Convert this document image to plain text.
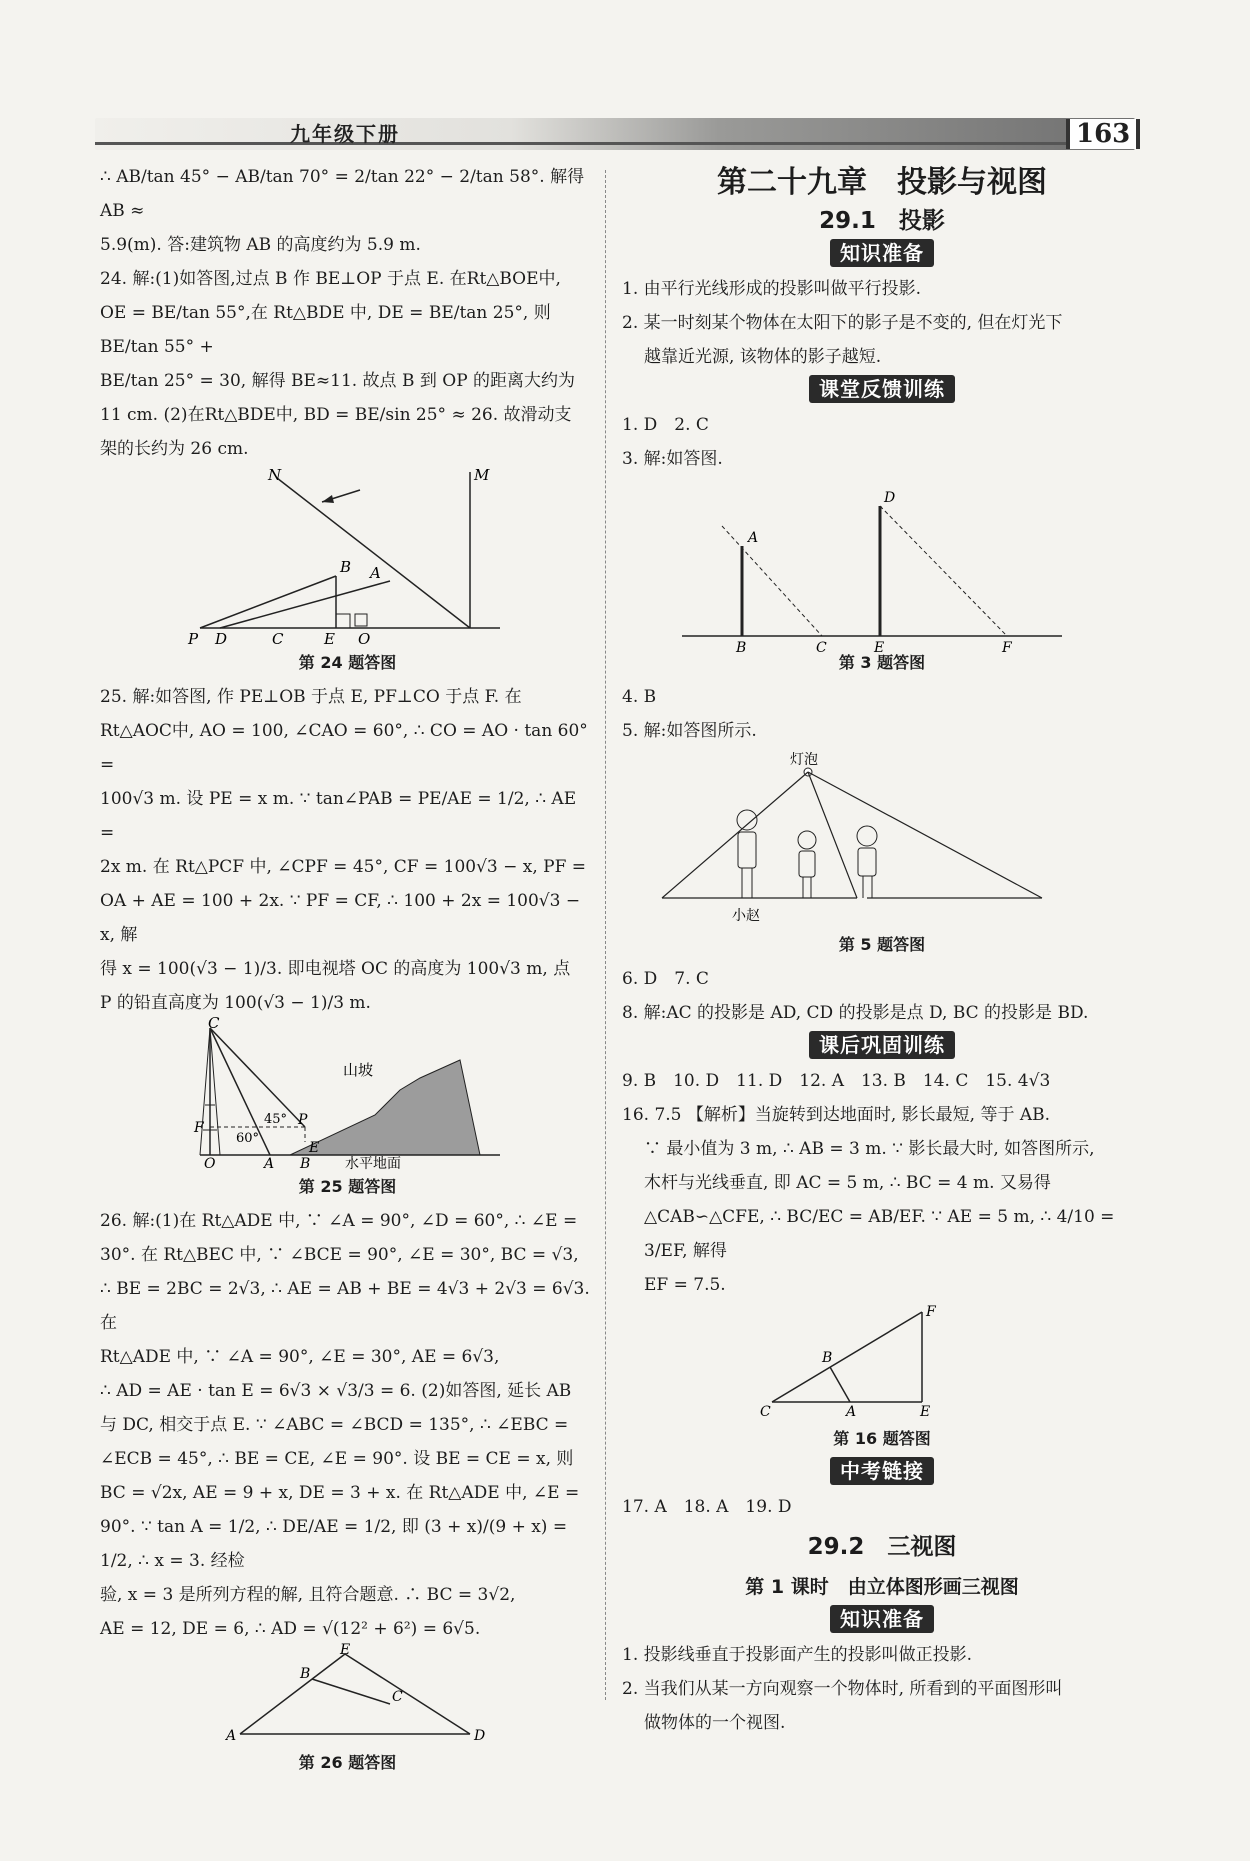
九年级下册	163

∴ AB/tan 45° − AB/tan 70° = 2/tan 22° − 2/tan 58°. 解得 AB ≈

5.9(m). 答:建筑物 AB 的高度约为 5.9 m.

24. 解:(1)如答图,过点 B 作 BE⊥OP 于点 E. 在Rt△BOE中,

OE = BE/tan 55°,在 Rt△BDE 中, DE = BE/tan 25°, 则 BE/tan 55° +

BE/tan 25° = 30, 解得 BE≈11. 故点 B 到 OP 的距离大约为

11 cm. (2)在Rt△BDE中, BD = BE/sin 25° ≈ 26. 故滑动支

架的长约为 26 cm.

N	M
B A
P D	C	E O
第 24 题答图

25. 解:如答图, 作 PE⊥OB 于点 E, PF⊥CO 于点 F. 在

Rt△AOC中, AO = 100, ∠CAO = 60°, ∴ CO = AO · tan 60° =

100√3 m. 设 PE = x m. ∵ tan∠PAB = PE/AE = 1/2, ∴ AE =

2x m. 在 Rt△PCF 中, ∠CPF = 45°, CF = 100√3 − x, PF =

OA + AE = 100 + 2x. ∵ PF = CF, ∴ 100 + 2x = 100√3 − x, 解

得 x = 100(√3 − 1)/3. 即电视塔 OC 的高度为 100√3 m, 点

P 的铅直高度为 100(√3 − 1)/3 m.

C
山坡
P
F
45°
60°
O	A B
E
水平地面
第 25 题答图

26. 解:(1)在 Rt△ADE 中, ∵ ∠A = 90°, ∠D = 60°, ∴ ∠E =

30°. 在 Rt△BEC 中, ∵ ∠BCE = 90°, ∠E = 30°, BC = √3,

∴ BE = 2BC = 2√3, ∴ AE = AB + BE = 4√3 + 2√3 = 6√3. 在

Rt△ADE 中, ∵ ∠A = 90°, ∠E = 30°, AE = 6√3,

∴ AD = AE · tan E = 6√3 × √3/3 = 6. (2)如答图, 延长 AB

与 DC, 相交于点 E. ∵ ∠ABC = ∠BCD = 135°, ∴ ∠EBC =

∠ECB = 45°, ∴ BE = CE, ∠E = 90°. 设 BE = CE = x, 则

BC = √2x, AE = 9 + x, DE = 3 + x. 在 Rt△ADE 中, ∠E =

90°. ∵ tan A = 1/2, ∴ DE/AE = 1/2, 即 (3 + x)/(9 + x) = 1/2, ∴ x = 3. 经检

验, x = 3 是所列方程的解, 且符合题意. ∴ BC = 3√2,

AE = 12, DE = 6, ∴ AD = √(12² + 6²) = 6√5.

E
B
C
A	D
第 26 题答图
第二十九章　投影与视图
29.1　投影
知识准备

1. 由平行光线形成的投影叫做平行投影.

2. 某一时刻某个物体在太阳下的影子是不变的, 但在灯光下

越靠近光源, 该物体的影子越短.

课堂反馈训练

1. D　2. C

3. 解:如答图.

D
A
B	C	E	F
第 3 题答图

4. B

5. 解:如答图所示.

灯泡
小赵
第 5 题答图

6. D　7. C

8. 解:AC 的投影是 AD, CD 的投影是点 D, BC 的投影是 BD.

课后巩固训练

9. B　10. D　11. D　12. A　13. B　14. C　15. 4√3

16. 7.5 【解析】当旋转到达地面时, 影长最短, 等于 AB.

∵ 最小值为 3 m, ∴ AB = 3 m. ∵ 影长最大时, 如答图所示,

木杆与光线垂直, 即 AC = 5 m, ∴ BC = 4 m. 又易得

△CAB∽△CFE, ∴ BC/EC = AB/EF. ∵ AE = 5 m, ∴ 4/10 = 3/EF, 解得

EF = 7.5.

F
B
C	A	E
第 16 题答图
中考链接

17. A　18. A　19. D

29.2　三视图
第 1 课时　由立体图形画三视图
知识准备

1. 投影线垂直于投影面产生的投影叫做正投影.

2. 当我们从某一方向观察一个物体时, 所看到的平面图形叫

做物体的一个视图.
